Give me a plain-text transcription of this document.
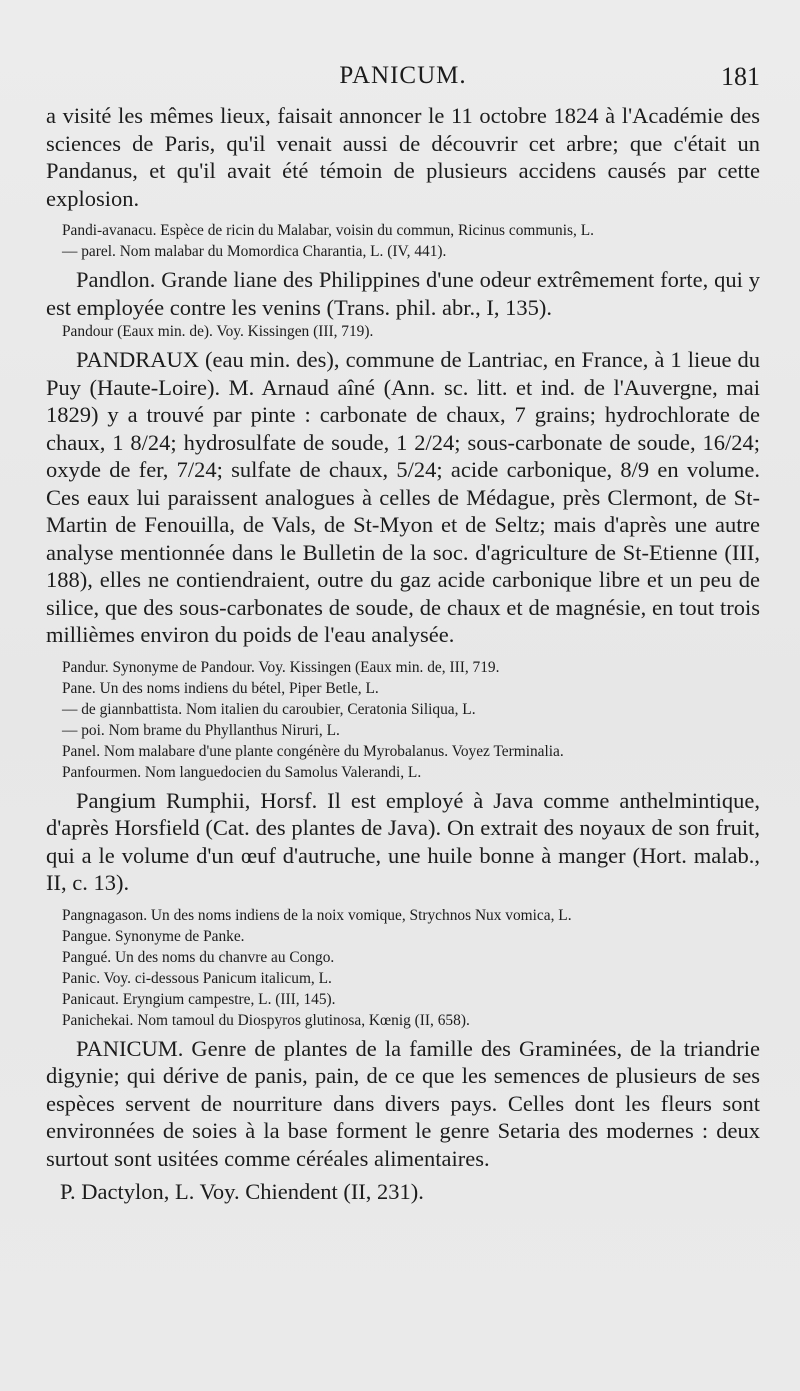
PANICUM.	181
a visité les mêmes lieux, faisait annoncer le 11 octobre 1824 à l'Académie des sciences de Paris, qu'il venait aussi de découvrir cet arbre; que c'était un Pandanus, et qu'il avait été témoin de plusieurs accidens causés par cette explosion.
Pandi-avanacu. Espèce de ricin du Malabar, voisin du commun, Ricinus communis, L.
— parel. Nom malabar du Momordica Charantia, L. (IV, 441).
Pandlon. Grande liane des Philippines d'une odeur extrêmement forte, qui y est employée contre les venins (Trans. phil. abr., I, 135).
Pandour (Eaux min. de). Voy. Kissingen (III, 719).
PANDRAUX (eau min. des), commune de Lantriac, en France, à 1 lieue du Puy (Haute-Loire). M. Arnaud aîné (Ann. sc. litt. et ind. de l'Auvergne, mai 1829) y a trouvé par pinte : carbonate de chaux, 7 grains; hydrochlorate de chaux, 1 8/24; hydrosulfate de soude, 1 2/24; sous-carbonate de soude, 16/24; oxyde de fer, 7/24; sulfate de chaux, 5/24; acide carbonique, 8/9 en volume. Ces eaux lui paraissent analogues à celles de Médague, près Clermont, de St-Martin de Fenouilla, de Vals, de St-Myon et de Seltz; mais d'après une autre analyse mentionnée dans le Bulletin de la soc. d'agriculture de St-Etienne (III, 188), elles ne contiendraient, outre du gaz acide carbonique libre et un peu de silice, que des sous-carbonates de soude, de chaux et de magnésie, en tout trois millièmes environ du poids de l'eau analysée.
Pandur. Synonyme de Pandour. Voy. Kissingen (Eaux min. de, III, 719.
Pane. Un des noms indiens du bétel, Piper Betle, L.
— de giannbattista. Nom italien du caroubier, Ceratonia Siliqua, L.
— poi. Nom brame du Phyllanthus Niruri, L.
Panel. Nom malabare d'une plante congénère du Myrobalanus. Voyez Terminalia.
Panfourmen. Nom languedocien du Samolus Valerandi, L.
Pangium Rumphii, Horsf. Il est employé à Java comme anthelmintique, d'après Horsfield (Cat. des plantes de Java). On extrait des noyaux de son fruit, qui a le volume d'un œuf d'autruche, une huile bonne à manger (Hort. malab., II, c. 13).
Pangnagason. Un des noms indiens de la noix vomique, Strychnos Nux vomica, L.
Pangue. Synonyme de Panke.
Pangué. Un des noms du chanvre au Congo.
Panic. Voy. ci-dessous Panicum italicum, L.
Panicaut. Eryngium campestre, L. (III, 145).
Panichekai. Nom tamoul du Diospyros glutinosa, Kœnig (II, 658).
PANICUM. Genre de plantes de la famille des Graminées, de la triandrie digynie; qui dérive de panis, pain, de ce que les semences de plusieurs de ses espèces servent de nourriture dans divers pays. Celles dont les fleurs sont environnées de soies à la base forment le genre Setaria des modernes : deux surtout sont usitées comme céréales alimentaires.
P. Dactylon, L. Voy. Chiendent (II, 231).
